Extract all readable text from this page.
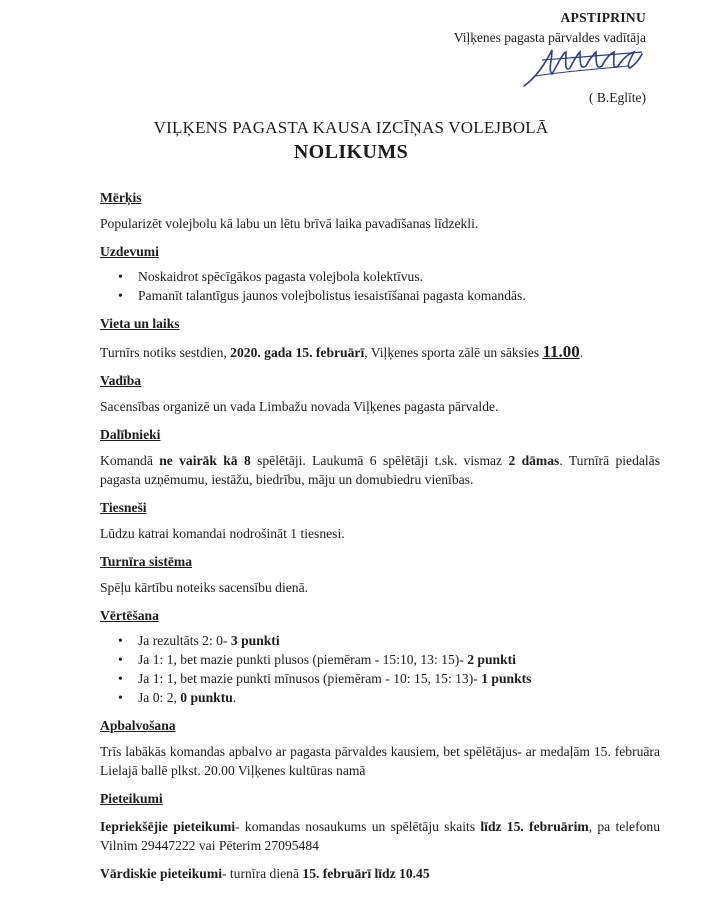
APSTIPRINU
Viļķenes pagasta pārvaldes vadītāja
( B.Eglīte)
VIĻĶENS PAGASTA KAUSA IZCĪŅAS VOLEJBOLĀ
NOLIKUMS
Mērķis
Popularizēt volejbolu kā labu un lētu brīvā laika pavadīšanas līdzekli.
Uzdevumi
• Noskaidrot spēcīgākos pagasta volejbola kolektīvus.
• Pamanīt talantīgus jaunos volejbolistus iesaistīšanai pagasta komandās.
Vieta un laiks
Turnīrs notiks sestdien, 2020. gada 15. februārī, Viļķenes sporta zālē un sāksies 11.00.
Vadība
Sacensības organizē un vada Limbažu novada Viļķenes pagasta pārvalde.
Dalībnieki
Komandā ne vairāk kā 8 spēlētāji. Laukumā 6 spēlētāji t.sk. vismaz 2 dāmas. Turnīrā piedalās pagasta uzņēmumu, iestāžu, biedrību, māju un domubiedru vienības.
Tiesneši
Lūdzu katrai komandai nodrošināt 1 tiesnesi.
Turnīra sistēma
Spēļu kārtību noteiks sacensību dienā.
Vērtēšana
• Ja rezultāts 2: 0- 3 punkti
• Ja 1: 1, bet mazie punkti plusos (piemēram - 15:10, 13: 15)- 2 punkti
• Ja 1: 1, bet mazie punkti mīnusos (piemēram - 10: 15, 15: 13)- 1 punkts
• Ja 0: 2, 0 punktu.
Apbalvošana
Trīs labākās komandas apbalvo ar pagasta pārvaldes kausiem, bet spēlētājus- ar medaļām 15. februāra Lielajā ballē plkst. 20.00 Viļķenes kultūras namā
Pieteikumi
Iepriekšējie pieteikumi- komandas nosaukums un spēlētāju skaits līdz 15. februārim, pa telefonu Vilnim 29447222 vai Pēterim 27095484
Vārdiskie pieteikumi- turnīra dienā 15. februārī līdz 10.45
